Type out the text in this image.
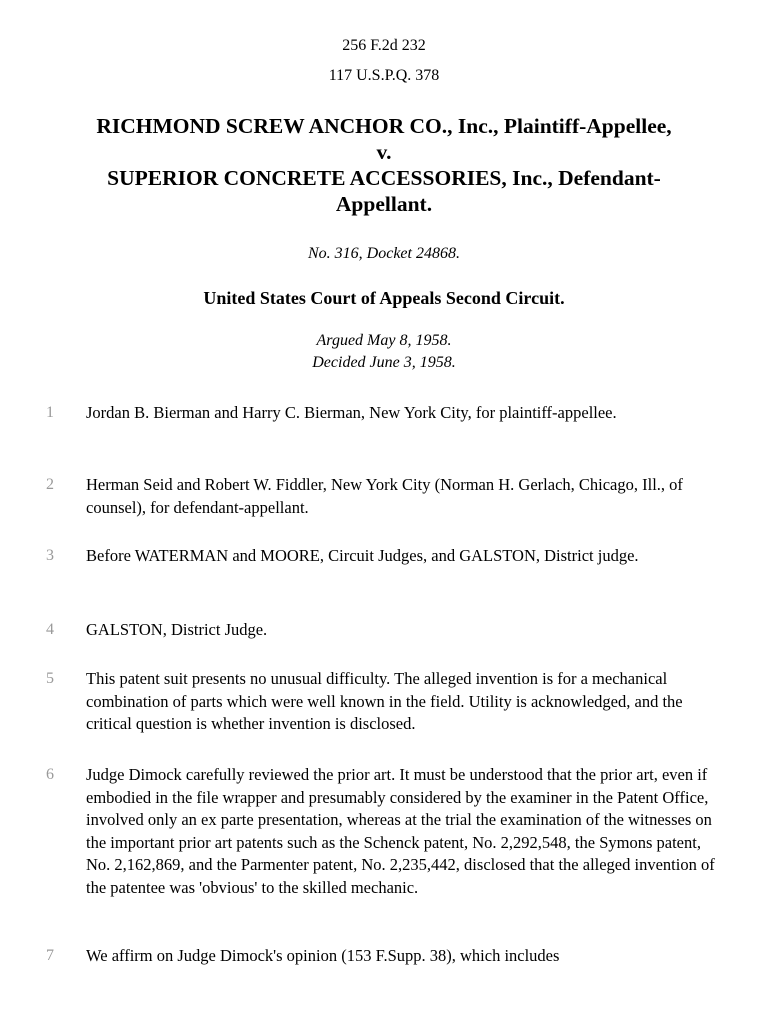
256 F.2d 232
117 U.S.P.Q. 378
RICHMOND SCREW ANCHOR CO., Inc., Plaintiff-Appellee,
v.
SUPERIOR CONCRETE ACCESSORIES, Inc., Defendant-
Appellant.
No. 316, Docket 24868.
United States Court of Appeals Second Circuit.
Argued May 8, 1958.
Decided June 3, 1958.
1	Jordan B. Bierman and Harry C. Bierman, New York City, for plaintiff-appellee.
2	Herman Seid and Robert W. Fiddler, New York City (Norman H. Gerlach, Chicago, Ill., of counsel), for defendant-appellant.
3	Before WATERMAN and MOORE, Circuit Judges, and GALSTON, District judge.
4	GALSTON, District Judge.
5	This patent suit presents no unusual difficulty. The alleged invention is for a mechanical combination of parts which were well known in the field. Utility is acknowledged, and the critical question is whether invention is disclosed.
6	Judge Dimock carefully reviewed the prior art. It must be understood that the prior art, even if embodied in the file wrapper and presumably considered by the examiner in the Patent Office, involved only an ex parte presentation, whereas at the trial the examination of the witnesses on the important prior art patents such as the Schenck patent, No. 2,292,548, the Symons patent, No. 2,162,869, and the Parmenter patent, No. 2,235,442, disclosed that the alleged invention of the patentee was 'obvious' to the skilled mechanic.
7	We affirm on Judge Dimock's opinion (153 F.Supp. 38), which includes
